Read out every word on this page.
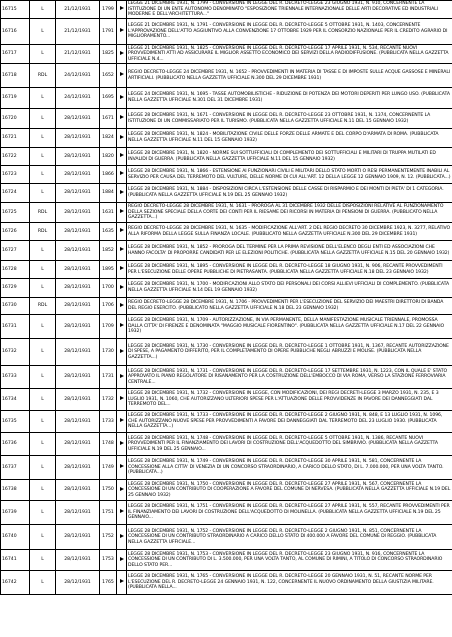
16715	L	21/12/1931	1799		LEGGE 21 DICEMBRE 1931, N. 1799 - CONVERSIONE IN LEGGE DEL R. DECRETO-LEGGE 23 GIUGNO 1931, N. 910, CONCERNENTE LA ISTITUZIONE DI UN ENTE AUTONOMO DENOMINATO "ESPOSIZIONE TRIENNALE INTERNAZIONALE DELLE ARTI DECORATIVE ED INDUSTRIALI MODERNE E DELL'ARCHITETTURA..."
16716	L	21/12/1931	1791		LEGGE 21 DICEMBRE 1931, N. 1791 - CONVERSIONE IN LEGGE DEL R. DECRETO-LEGGE 5 OTTOBRE 1931, N. 1403, CONCERNENTE L'APPROVAZIONE DELL'ATTO AGGIUNTIVO ALLA CONVENZIONE 17 OTTOBRE 1929 PER IL CONSORZIO NAZIONALE PER IL CREDITO AGRARIO DI MIGLIORAMENTO...
16717	L	21/12/1931	1825		LEGGE 21 DICEMBRE 1931, N. 1825 - CONVERSIONE IN LEGGE DEL R. DECRETO-LEGGE 17 APRILE 1931, N. 534, RECANTE NUOVI PROVVEDIMENTI ATTI AD ASSICURARE IL MIGLIOR ASSETTO ECONOMICO DEI SERVIZI DELLA RADIODIFFUSIONE. (PUBBLICATA NELLA GAZZETTA UFFICIALE N.4...
16718	RDL	24/12/1931	1652		REGIO DECRETO-LEGGE 24 DICEMBRE 1931, N. 1652 - PROVVEDIMENTI IN MATERIA DI TASSE E DI IMPOSTE SULLE ACQUE GASSOSE E MINERALI ARTIFICIALI. (PUBBLICATO NELLA GAZZETTA UFFICIALE N.300 DEL 29 DICEMBRE 1931)
16719	L	24/12/1931	1695		LEGGE 24 DICEMBRE 1931, N. 1695 - TASSE AUTOMOBILISTICHE - RIDUZIONE DI POTENZA DEI MOTORI DEPERITI PER LUNGO USO. (PUBBLICATA NELLA GAZZETTA UFFICIALE N.301 DEL 31 DICEMBRE 1931)
16720	L	28/12/1931	1671		LEGGE 28 DICEMBRE 1931, N. 1671 - CONVERSIONE IN LEGGE DEL R. DECRETO-LEGGE 23 OTTOBRE 1931, N. 1374, CONCERNENTE LA ISTITUZIONE DI UN COMMISSARIATO PER IL TURISMO. (PUBBLICATA NELLA GAZZETTA UFFICIALE N.11 DEL 15 GENNAIO 1932)
16721	L	28/12/1931	1824		LEGGE 28 DICEMBRE 1931, N. 1824 - MOBILITAZIONE CIVILE DELLE FORZE DELLE ARMATE E DEL CORPO D'ARMATA DI ROMA. (PUBBLICATA NELLA GAZZETTA UFFICIALE N.11 DEL 15 GENNAIO 1932)
16722	L	28/12/1931	1820		LEGGE 28 DICEMBRE 1931, N. 1820 - NORME SUI SOTTUFFICIALI DI COMPLEMENTO DEI SOTTUFFICIALI E MILITARI DI TRUPPA MUTILATI ED INVALIDI DI GUERRA. (PUBBLICATA NELLA GAZZETTA UFFICIALE N.11 DEL 15 GENNAIO 1932)
16723	L	28/12/1931	1866		LEGGE 28 DICEMBRE 1931, N. 1866 - ESTENSIONE AI FUNZIONARI CIVILI E MILITARI DELLO STATO MORTI O RESI PERMANENTEMENTE INABILI AL SERVIZIO PER CAUSA DEL TERREMOTO DEL VULTURE, DELLE NORME DI CUI ALL'ART. 12 DELLA LEGGE 12 GENNAIO 1909, N. 12. (PUBBLICATA...)
16724	L	28/12/1931	1884		LEGGE 28 DICEMBRE 1931, N. 1884 - DISPOSIZIONI CIRCA L'ESTENSIONE DELLE CASSE DI RISPARMIO E DEI MONTI DI PIETA' DI 1 CATEGORIA. (PUBBLICATA NELLA GAZZETTA UFFICIALE N.19 DEL 25 GENNAIO 1932)
16725	RDL	28/12/1931	1631		REGIO DECRETO-LEGGE 28 DICEMBRE 1931, N. 1631 - PROROGA AL 31 DICEMBRE 1932 DELLE DISPOSIZIONI RELATIVE AL FUNZIONAMENTO DELLA SEZIONE SPECIALE DELLA CORTE DEI CONTI PER IL RIESAME DEI RICORSI IN MATERIA DI PENSIONI DI GUERRA. (PUBBLICATO NELLA GAZZETTA...)
16726	RDL	28/12/1931	1635		REGIO DECRETO-LEGGE 28 DICEMBRE 1931, N. 1635 - MODIFICAZIONE ALL'ART. 2 DEL REGIO DECRETO 30 DICEMBRE 1923, N. 3277, RELATIVO ALLA RIFORMA DELLA LEGGE SULLA FINANZA LOCALE. (PUBBLICATO NELLA GAZZETTA UFFICIALE N.300 DEL 29 DICEMBRE 1931)
16727	L	28/12/1931	1852		LEGGE 28 DICEMBRE 1931, N. 1852 - PROROGA DEL TERMINE PER LA PRIMA REVISIONE DELL'ELENCO DEGLI ENTI ED ASSOCIAZIONI CHE HANNO FACOLTA' DI PROPORRE CANDIDATI PER LE ELEZIONI POLITICHE. (PUBBLICATA NELLA GAZZETTA UFFICIALE N.15 DEL 20 GENNAIO 1932)
16728	L	28/12/1931	1895		LEGGE 28 DICEMBRE 1931, N. 1895 - CONVERSIONE IN LEGGE DEL R. DECRETO-LEGGE 18 GIUGNO 1931, N. 906, RECANTE PROVVEDIMENTI PER L'ESECUZIONE DELLE OPERE PUBBLICHE DI PIETRASANTA. (PUBBLICATA NELLA GAZZETTA UFFICIALE N.18 DEL 23 GENNAIO 1932)
16729	L	28/12/1931	1700		LEGGE 28 DICEMBRE 1931, N. 1700 - MODIFICAZIONI ALLO STATO DEI PERSONALI DEI CORSI ALLIEVI UFFICIALI DI COMPLEMENTO. (PUBBLICATA NELLA GAZZETTA UFFICIALE N.14 DEL 19 GENNAIO 1932)
16730	RDL	28/12/1931	1706		REGIO DECRETO-LEGGE 28 DICEMBRE 1931, N. 1706 - PROVVEDIMENTI PER L'ESECUZIONE DEL SERVIZIO DEI MAESTRI DIRETTORI DI BANDA DEL REGIO ESERCITO. (PUBBLICATO NELLA GAZZETTA UFFICIALE N.18 DEL 23 GENNAIO 1932)
16731	L	28/12/1931	1709		LEGGE 28 DICEMBRE 1931, N. 1709 - AUTORIZZAZIONE, IN VIA PERMANENTE, DELLA MANIFESTAZIONE MUSICALE TRIENNALE, PROMOSSA DALLA CITTA' DI FIRENZE E DENOMINATA "MAGGIO MUSICALE FIORENTINO". (PUBBLICATA NELLA GAZZETTA UFFICIALE N.17 DEL 22 GENNAIO 1932)
16732	L	28/12/1931	1730		LEGGE 28 DICEMBRE 1931, N. 1730 - CONVERSIONE IN LEGGE DEL R. DECRETO-LEGGE 1 OTTOBRE 1931, N. 1367, RECANTE AUTORIZZAZIONE DI SPESE, A PAGAMENTO DIFFERITO, PER IL COMPLETAMENTO DI OPERE PUBBLICHE NEGLI ABRUZZI E MOLISE. (PUBBLICATA NELLA GAZZETTA...)
16733	L	28/12/1931	1731		LEGGE 28 DICEMBRE 1931, N. 1731 - CONVERSIONE IN LEGGE DEL R. DECRETO-LEGGE 17 SETTEMBRE 1931, N. 1223, CON IL QUALE E' STATO APPROVATO IL PIANO REGOLATORE DI RISANAMENTO PER LA COSTRUZIONE DELL'EMBOCCO DI VIA ROMA, VERSO LA STAZIONE FERROVIARIA CENTRALE...
16734	L	28/12/1931	1732		LEGGE 28 DICEMBRE 1931, N. 1732 - CONVERSIONE IN LEGGE, CON MODIFICAZIONI, DEI REGI DECRETI-LEGGE 3 MARZO 1931, N. 235, E 3 LUGLIO 1931, N. 1060, CHE AUTORIZZANO ULTERIORI SPESE PER L'ATTUAZIONE DELLE PROVVIDENZE IN FAVORE DEI DANNEGGIATI DAL TERREMOTO DEL...
16735	L	28/12/1931	1733		LEGGE 28 DICEMBRE 1931, N. 1733 - CONVERSIONE IN LEGGE DEL R. DECRETO-LEGGE 2 GIUGNO 1931, N. 848, E 13 LUGLIO 1931, N. 1096, CHE AUTORIZZANO NUOVE SPESE PER PROVVEDIMENTI A FAVORE DEI DANNEGGIATI DAL TERREMOTO DEL 23 LUGLIO 1930. (PUBBLICATA NELLA GAZZETTA...)
16736	L	28/12/1931	1748		LEGGE 28 DICEMBRE 1931, N. 1748 - CONVERSIONE IN LEGGE DEL R. DECRETO-LEGGE 5 OTTOBRE 1931, N. 1386, RECANTE NUOVI PROVVEDIMENTI PER IL FINANZIAMENTO DEI LAVORI DI COSTRUZIONE DELL'ACQUEDOTTO DEL SIMBRIVIO. (PUBBLICATA NELLA GAZZETTA UFFICIALE N.19 DEL 25 GENNAIO...
16737	L	28/12/1931	1749		LEGGE 28 DICEMBRE 1931, N. 1749 - CONVERSIONE IN LEGGE DEL R. DECRETO-LEGGE 30 APRILE 1931, N. 581, CONCERNENTE LA CONCESSIONE ALLA CITTA' DI VENEZIA DI UN CONCORSO STRAORDINARIO, A CARICO DELLO STATO, DI L. 7.000.000, PER UNA VOLTA TANTO. (PUBBLICATA...)
16738	L	28/12/1931	1750		LEGGE 28 DICEMBRE 1931, N. 1750 - CONVERSIONE IN LEGGE DEL R. DECRETO-LEGGE 27 APRILE 1931, N. 567, CONCERNENTE LA CONCESSIONE DI UN CONTRIBUTO DI COOPERAZIONE A FAVORE DEL COMUNE DI NERVESA. (PUBBLICATA NELLA GAZZETTA UFFICIALE N.19 DEL 25 GENNAIO 1932)
16739	L	28/12/1931	1751		LEGGE 28 DICEMBRE 1931, N. 1751 - CONVERSIONE IN LEGGE DEL R. DECRETO-LEGGE 27 APRILE 1931, N. 557, RECANTE PROVVEDIMENTI PER IL FINANZIAMENTO DEI LAVORI DI COSTRUZIONE DELL'ACQUEDOTTO DI MOLINELLA. (PUBBLICATA NELLA GAZZETTA UFFICIALE N.19 DEL 25 GENNAIO...
16740	L	28/12/1931	1752		LEGGE 28 DICEMBRE 1931, N. 1752 - CONVERSIONE IN LEGGE DEL R. DECRETO-LEGGE 2 GIUGNO 1931, N. 851, CONCERNENTE LA CONCESSIONE DI UN CONTRIBUTO STRAORDINARIO A CARICO DELLO STATO DI 400.000 A FAVORE DEL COMUNE DI REGGIO. (PUBBLICATA NELLA GAZZETTA UFFICIALE...
16741	L	28/12/1931	1753		LEGGE 28 DICEMBRE 1931, N. 1753 - CONVERSIONE IN LEGGE DEL R. DECRETO-LEGGE 23 GIUGNO 1931, N. 916, CONCERNENTE LA CONCESSIONE DI UN CONTRIBUTO DI L. 3.500.000, PER UNA VOLTA TANTO, AL COMUNE DI RIMINI, A TITOLO DI CONCORSO STRAORDINARIO DELLO STATO PER...
16742	L	28/12/1931	1765		LEGGE 28 DICEMBRE 1931, N. 1765 - CONVERSIONE IN LEGGE DEL R. DECRETO-LEGGE 20 GENNAIO 1931, N. 51, RECANTE NORME PER L'ESECUZIONE DEL R. DECRETO-LEGGE 24 GENNAIO 1931, N. 122, CONCERNENTE IL NUOVO ORDINAMENTO DELLA GIUSTIZIA MILITARE. (PUBBLICATA NELLA...
